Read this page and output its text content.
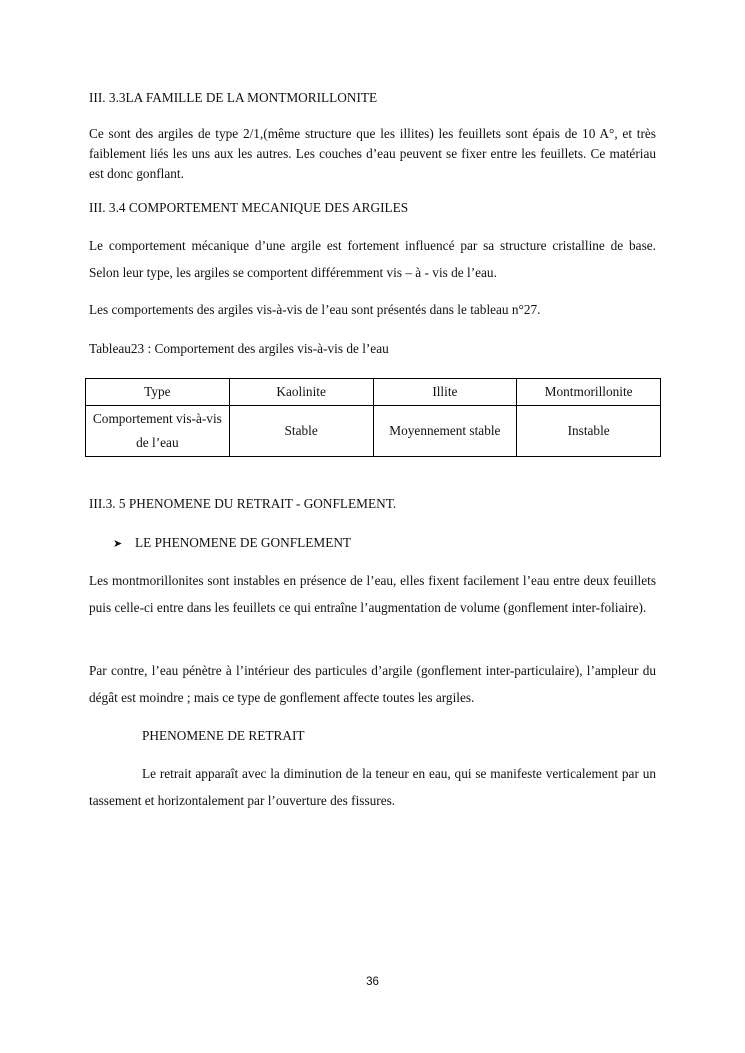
III. 3.3LA FAMILLE DE LA MONTMORILLONITE
Ce sont des argiles de type 2/1,(même structure que les illites) les feuillets sont épais de 10 A°, et très faiblement liés les uns aux les autres. Les couches d’eau peuvent se fixer entre les feuillets. Ce matériau est donc gonflant.
III. 3.4 COMPORTEMENT MECANIQUE DES ARGILES
Le comportement mécanique d’une argile est fortement influencé par sa structure cristalline de base. Selon leur type, les argiles se comportent différemment vis – à - vis de l’eau.
Les comportements des argiles vis-à-vis de l’eau sont présentés dans le tableau n°27.
Tableau23 : Comportement des argiles vis-à-vis de l’eau
Type	Kaolinite	Illite	Montmorillonite
Comportement vis-à-vis de l’eau	Stable	Moyennement stable	Instable
III.3. 5 PHENOMENE DU RETRAIT - GONFLEMENT.
➤ LE PHENOMENE DE GONFLEMENT
Les montmorillonites sont instables en présence de l’eau, elles fixent facilement l’eau entre deux feuillets puis celle-ci entre dans les feuillets ce qui entraîne l’augmentation de volume (gonflement inter-foliaire).
Par contre, l’eau pénètre à l’intérieur des particules d’argile (gonflement inter-particulaire), l’ampleur du dégât est moindre ; mais ce type de gonflement affecte toutes les argiles.
PHENOMENE DE RETRAIT
Le retrait apparaît avec la diminution de la teneur en eau, qui se manifeste verticalement par un tassement et horizontalement par l’ouverture des fissures.
36
